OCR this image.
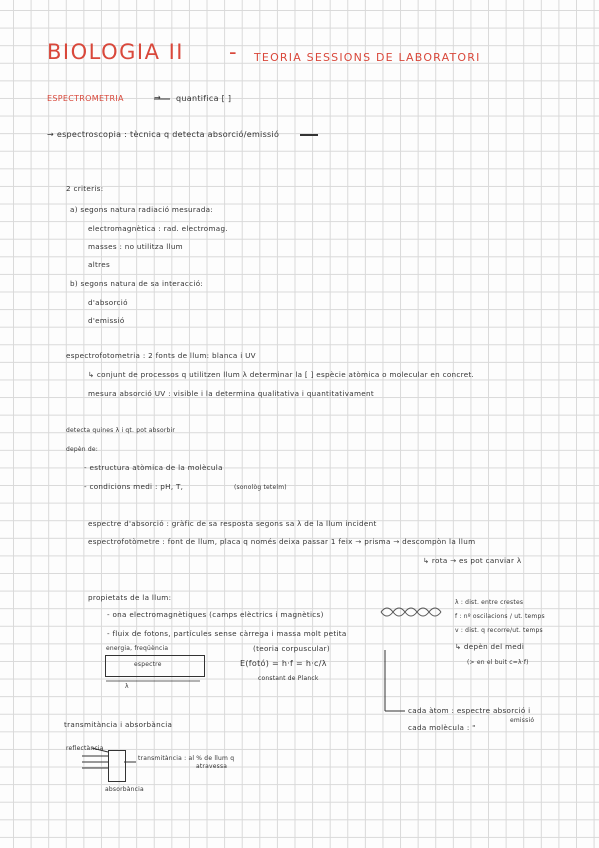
BIOLOGIA II - TEORIA SESSIONS DE LABORATORI
ESPECTROMETRIA	→ quantifica [ ]
→ espectroscopia : tècnica q detecta absorció/emissió
2 criteris:
a) segons natura radiació mesurada:
electromagnètica : rad. electromag.
masses : no utilitza llum
altres
b) segons natura de sa interacció:
d'absorció
d'emissió
espectrofotometria : 2 fonts de llum: blanca i UV
↳ conjunt de processos q utilitzen llum λ determinar la [ ] espècie atòmica o molecular en concret.
mesura absorció UV : visible i la determina qualitativa i quantitativament
detecta quines λ i qt. pot absorbir
depèn de:
- estructura atòmica de la molècula
- condicions medi : pH, T,	(sonològ tetelm)
espectre d'absorció : gràfic de sa resposta segons sa λ de la llum incident
espectrofotòmetre : font de llum, placa q només deixa passar 1 feix → prisma → descompòn la llum
↳ rota → es pot canviar λ
propietats de la llum:
- ona electromagnètiques (camps elèctrics i magnètics)
- fluix de fotons, partícules sense càrrega i massa molt petita
(teoria corpuscular)
energia, freqüència
espectre
λ
E(fotó) = h·f = h·c/λ
constant de Planck
λ : dist. entre crestes
f : nº oscilacions / ut. temps
v : dist. q recorre/ut. temps
↳ depèn del medi
(> en el buit c=λ·f)
cada àtom : espectre absorció i
emissió
cada molècula : "
transmitància i absorbància
reflectància
transmitància : al % de llum q
atravessa
absorbància
